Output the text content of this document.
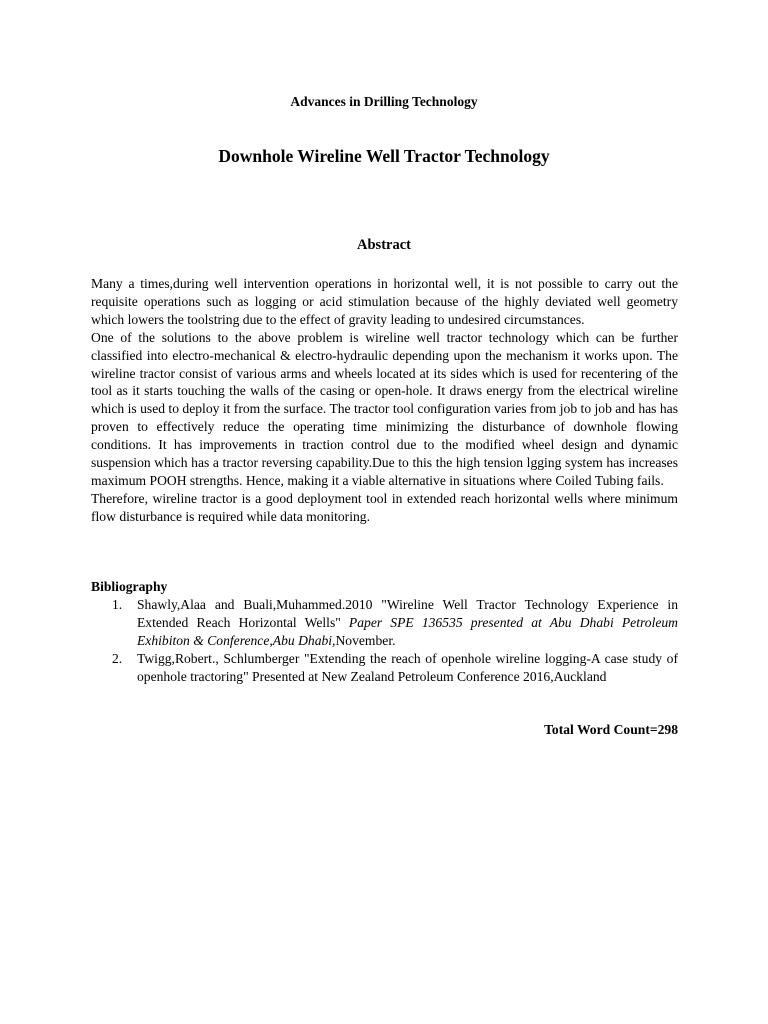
Advances in Drilling Technology
Downhole Wireline Well Tractor Technology
Abstract

Many a times,during well intervention operations in horizontal well, it is not possible to carry out the requisite operations such as logging or acid stimulation because of the highly deviated well geometry which lowers the toolstring due to the effect of gravity leading to undesired circumstances.

One of the solutions to the above problem is wireline well tractor technology which can be further classified into electro-mechanical & electro-hydraulic depending upon the mechanism it works upon. The wireline tractor consist of various arms and wheels located at its sides which is used for recentering of the tool as it starts touching the walls of the casing or open-hole. It draws energy from the electrical wireline which is used to deploy it from the surface. The tractor tool configuration varies from job to job and has has proven to effectively reduce the operating time minimizing the disturbance of downhole flowing conditions. It has improvements in traction control due to the modified wheel design and dynamic suspension which has a tractor reversing capability.Due to this the high tension lgging system has increases maximum POOH strengths. Hence, making it a viable alternative in situations where Coiled Tubing fails.

Therefore, wireline tractor is a good deployment tool in extended reach horizontal wells where minimum flow disturbance is required while data monitoring.

Bibliography

1. Shawly,Alaa and Buali,Muhammed.2010 "Wireline Well Tractor Technology Experience in Extended Reach Horizontal Wells" Paper SPE 136535 presented at Abu Dhabi Petroleum Exhibiton & Conference,Abu Dhabi,November.
2. Twigg,Robert., Schlumberger "Extending the reach of openhole wireline logging-A case study of openhole tractoring" Presented at New Zealand Petroleum Conference 2016,Auckland
Total Word Count=298
